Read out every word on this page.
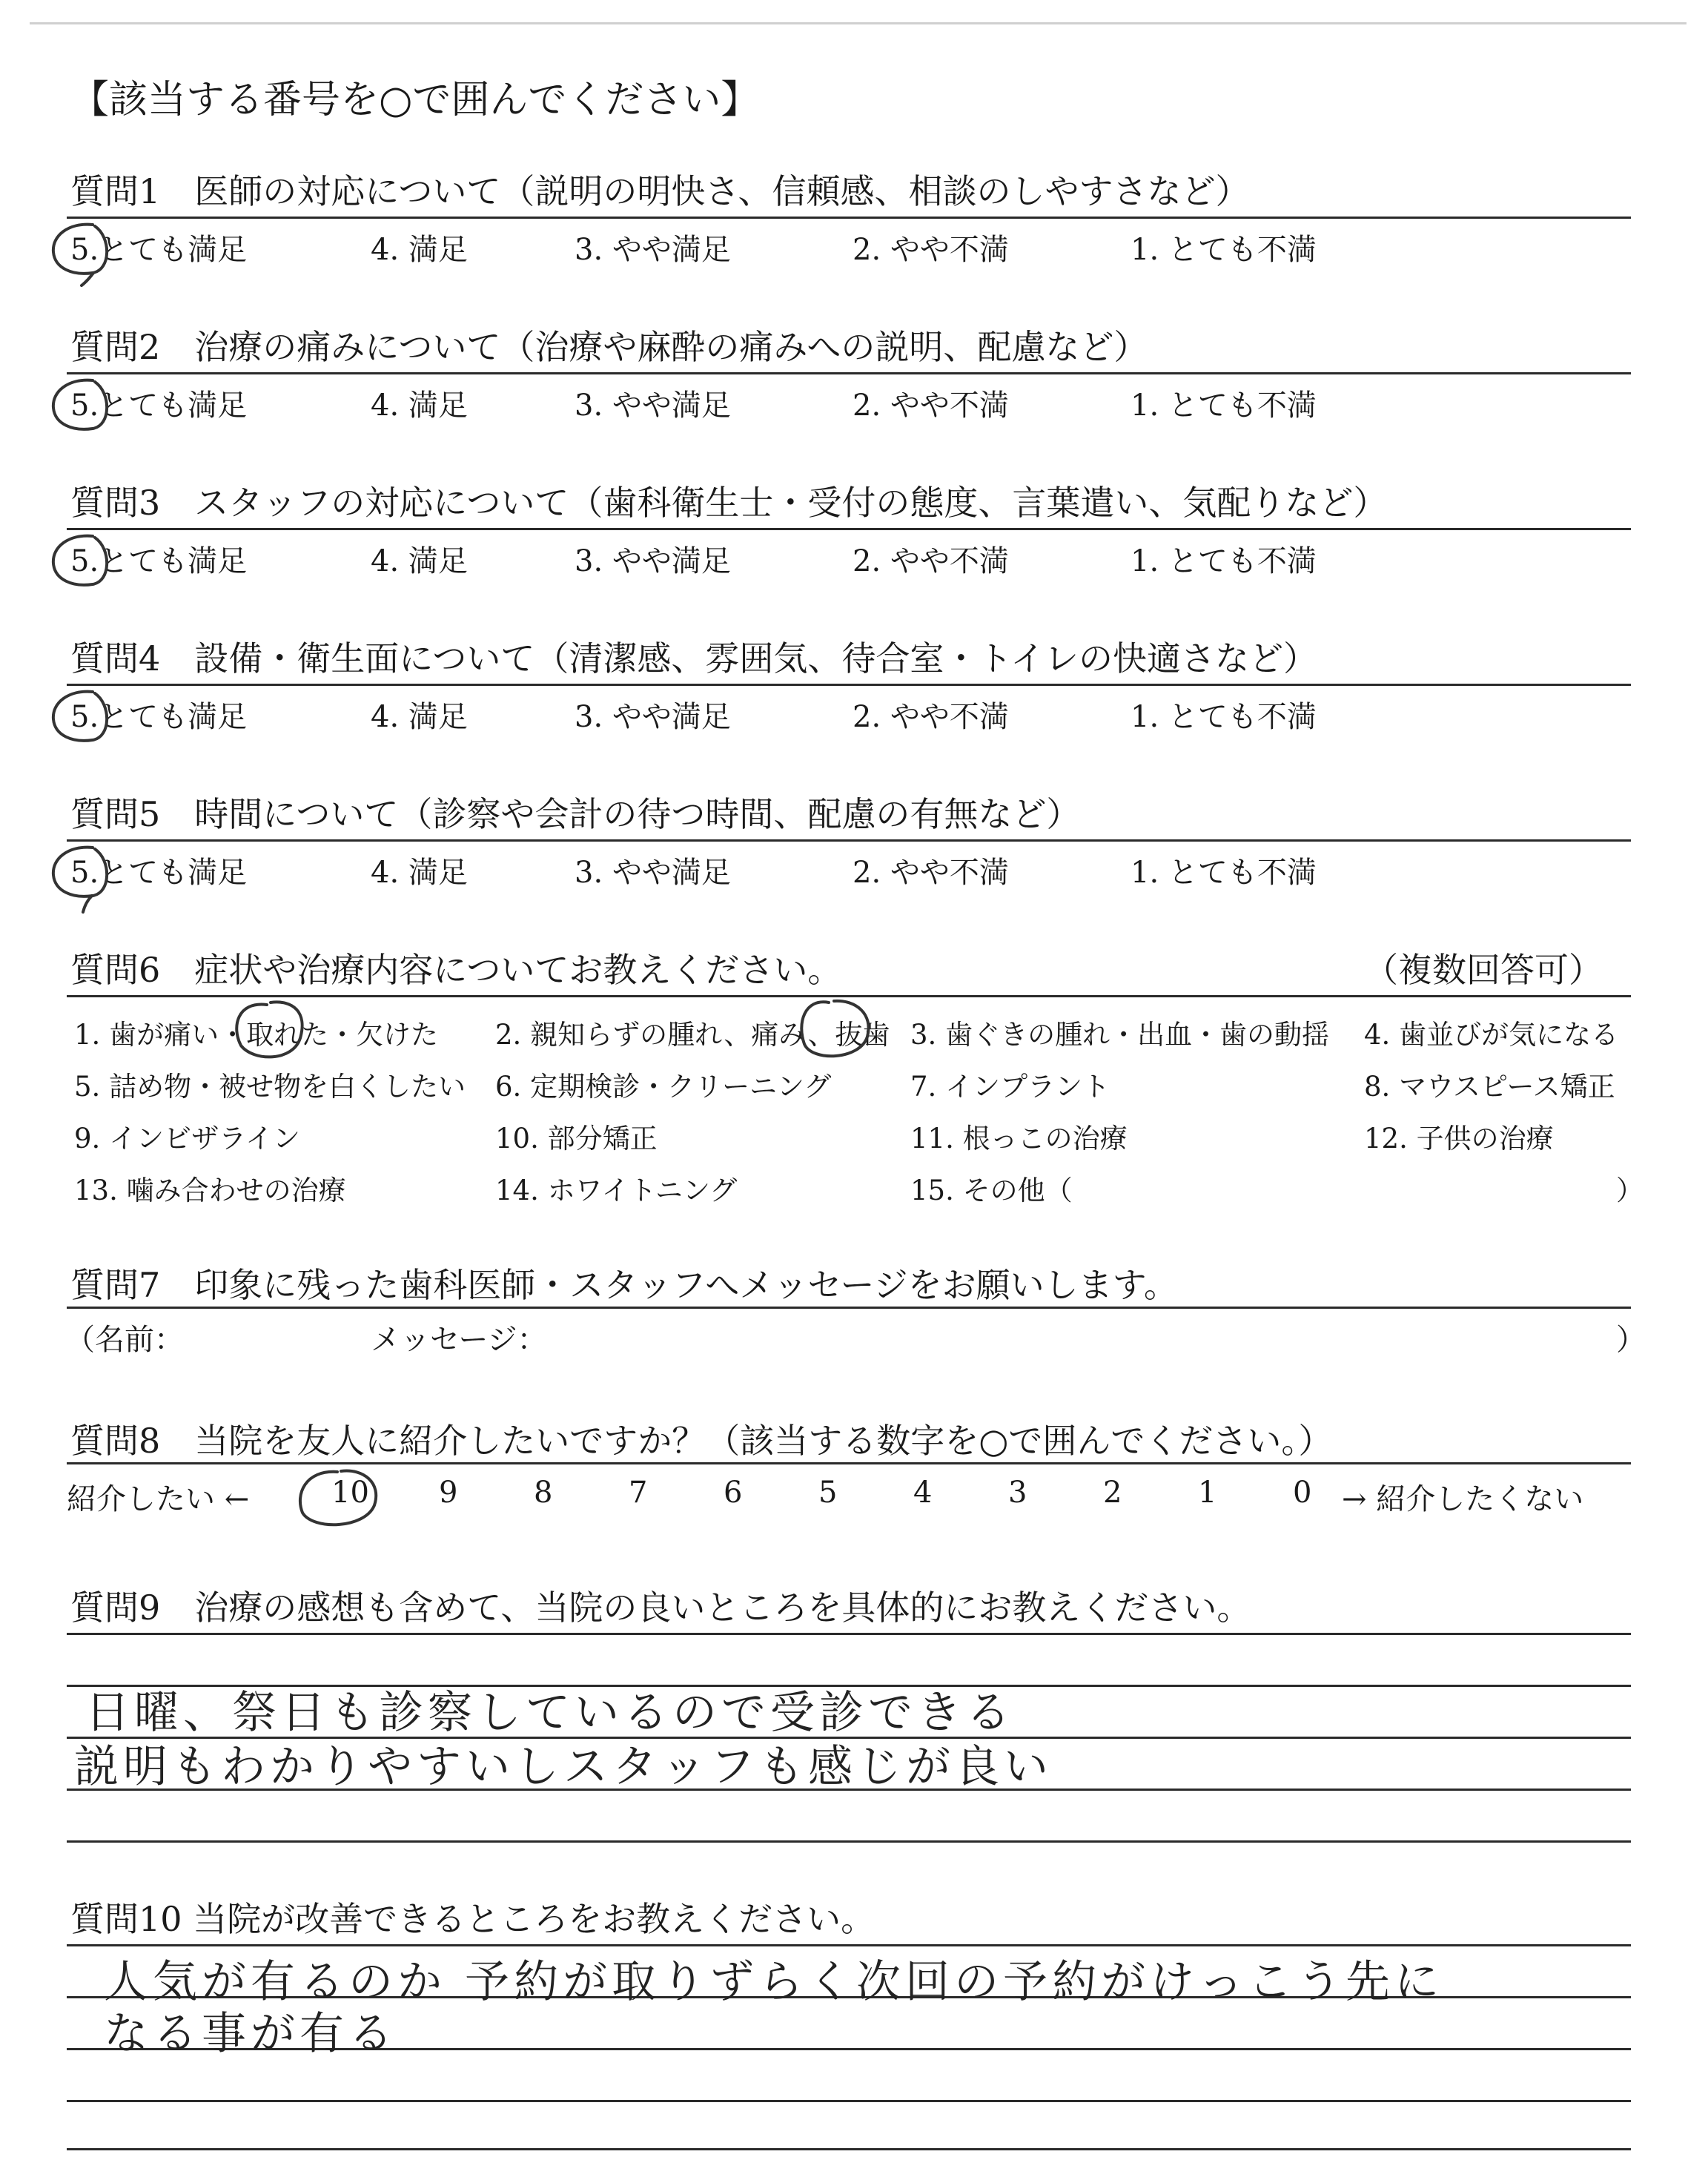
【該当する番号を○で囲んでください】
質問1　医師の対応について（説明の明快さ、信頼感、相談のしやすさなど）
5.とても満足	4. 満足	3. やや満足	2. やや不満	1. とても不満
質問2　治療の痛みについて（治療や麻酔の痛みへの説明、配慮など）
5.とても満足	4. 満足	3. やや満足	2. やや不満	1. とても不満
質問3　スタッフの対応について（歯科衛生士・受付の態度、言葉遣い、気配りなど）
5.とても満足	4. 満足	3. やや満足	2. やや不満	1. とても不満
質問4　設備・衛生面について（清潔感、雰囲気、待合室・トイレの快適さなど）
5.とても満足	4. 満足	3. やや満足	2. やや不満	1. とても不満
質問5　時間について（診察や会計の待つ時間、配慮の有無など）
5.とても満足	4. 満足	3. やや満足	2. やや不満	1. とても不満
質問6　症状や治療内容についてお教えください。	（複数回答可）
1. 歯が痛い・取れた・欠けた 2. 親知らずの腫れ、痛み、抜歯 3. 歯ぐきの腫れ・出血・歯の動揺 4. 歯並びが気になる
5. 詰め物・被せ物を白くしたい 6. 定期検診・クリーニング	7. インプラント	8. マウスピース矯正
9. インビザライン	10. 部分矯正	11. 根っこの治療	12. 子供の治療
13. 噛み合わせの治療	14. ホワイトニング	15. その他（	）
質問7　印象に残った歯科医師・スタッフへメッセージをお願いします。
（名前：	メッセージ：	）
質問8　当院を友人に紹介したいですか？（該当する数字を○で囲んでください。）
紹介したい ←	→ 紹介したくない
10 9	8	7	6	5	4	3	2	1	0
質問9　治療の感想も含めて、当院の良いところを具体的にお教えください。
日曜、祭日も診察しているので受診できる
説明もわかりやすいしスタッフも感じが良い
質問10 当院が改善できるところをお教えください。
人気が有るのか 予約が取りずらく次回の予約がけっこう先に
なる事が有る
